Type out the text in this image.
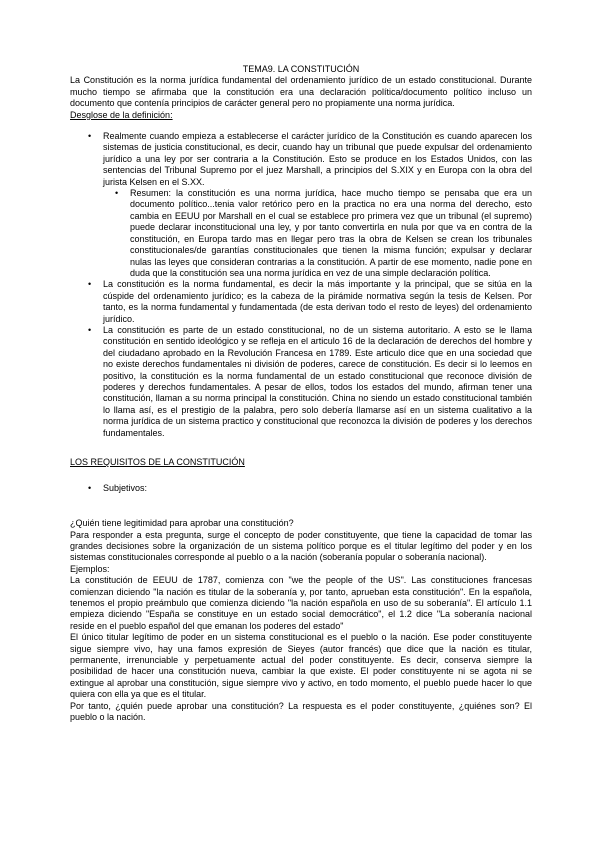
TEMA9. LA CONSTITUCIÓN

La Constitución es la norma jurídica fundamental del ordenamiento jurídico de un estado constitucional. Durante mucho tiempo se afirmaba que la constitución era una declaración política/documento político incluso un documento que contenía principios de carácter general pero no propiamente una norma jurídica.

Desglose de la definición:

• Realmente cuando empieza a establecerse el carácter jurídico de la Constitución es cuando aparecen los sistemas de justicia constitucional, es decir, cuando hay un tribunal que puede expulsar del ordenamiento jurídico a una ley por ser contraria a la Constitución. Esto se produce en los Estados Unidos, con las sentencias del Tribunal Supremo por el juez Marshall, a principios del S.XIX y en Europa con la obra del jurista Kelsen en el S.XX.
• Resumen: la constitución es una norma jurídica, hace mucho tiempo se pensaba que era un documento político...tenia valor retórico pero en la practica no era una norma del derecho, esto cambia en EEUU por Marshall en el cual se establece pro primera vez que un tribunal (el supremo) puede declarar inconstitucional una ley, y por tanto convertirla en nula por que va en contra de la constitución, en Europa tardo mas en llegar pero tras la obra de Kelsen se crean los tribunales constitucionales/de garantías constitucionales que tienen la misma función; expulsar y declarar nulas las leyes que consideran contrarias a la constitución. A partir de ese momento, nadie pone en duda que la constitución sea una norma jurídica en vez de una simple declaración política.
• La constitución es la norma fundamental, es decir la más importante y la principal, que se sitúa en la cúspide del ordenamiento jurídico; es la cabeza de la pirámide normativa según la tesis de Kelsen. Por tanto, es la norma fundamental y fundamentada (de esta derivan todo el resto de leyes) del ordenamiento jurídico.
• La constitución es parte de un estado constitucional, no de un sistema autoritario. A esto se le llama constitución en sentido ideológico y se refleja en el articulo 16 de la declaración de derechos del hombre y del ciudadano aprobado en la Revolución Francesa en 1789. Este articulo dice que en una sociedad que no existe derechos fundamentales ni división de poderes, carece de constitución. Es decir si lo leemos en positivo, la constitución es la norma fundamental de un estado constitucional que reconoce división de poderes y derechos fundamentales. A pesar de ellos, todos los estados del mundo, afirman tener una constitución, llaman a su norma principal la constitución. China no siendo un estado constitucional también lo llama así, es el prestigio de la palabra, pero solo debería llamarse así en un sistema cualitativo a la norma jurídica de un sistema practico y constitucional que reconozca la división de poderes y los derechos fundamentales.
LOS REQUISITOS DE LA CONSTITUCIÓN
• Subjetivos:

¿Quién tiene legitimidad para aprobar una constitución?

Para responder a esta pregunta, surge el concepto de poder constituyente, que tiene la capacidad de tomar las grandes decisiones sobre la organización de un sistema político porque es el titular legítimo del poder y en los sistemas constitucionales corresponde al pueblo o a la nación (soberanía popular o soberanía nacional).

Ejemplos:

La constitución de EEUU de 1787, comienza con "we the people of the US". Las constituciones francesas comienzan diciendo "la nación es titular de la soberanía y, por tanto, aprueban esta constitución". En la española, tenemos el propio preámbulo que comienza diciendo "la nación española en uso de su soberanía". El artículo 1.1 empieza diciendo "España se constituye en un estado social democrático", el 1.2 dice "La soberanía nacional reside en el pueblo español del que emanan los poderes del estado"

El único titular legítimo de poder en un sistema constitucional es el pueblo o la nación. Ese poder constituyente sigue siempre vivo, hay una famos expresión de Sieyes (autor francés) que dice que la nación es titular, permanente, irrenunciable y perpetuamente actual del poder constituyente. Es decir, conserva siempre la posibilidad de hacer una constitución nueva, cambiar la que existe. El poder constituyente ni se agota ni se extingue al aprobar una constitución, sigue siempre vivo y activo, en todo momento, el pueblo puede hacer lo que quiera con ella ya que es el titular.

Por tanto, ¿quién puede aprobar una constitución? La respuesta es el poder constituyente, ¿quiénes son? El pueblo o la nación.
